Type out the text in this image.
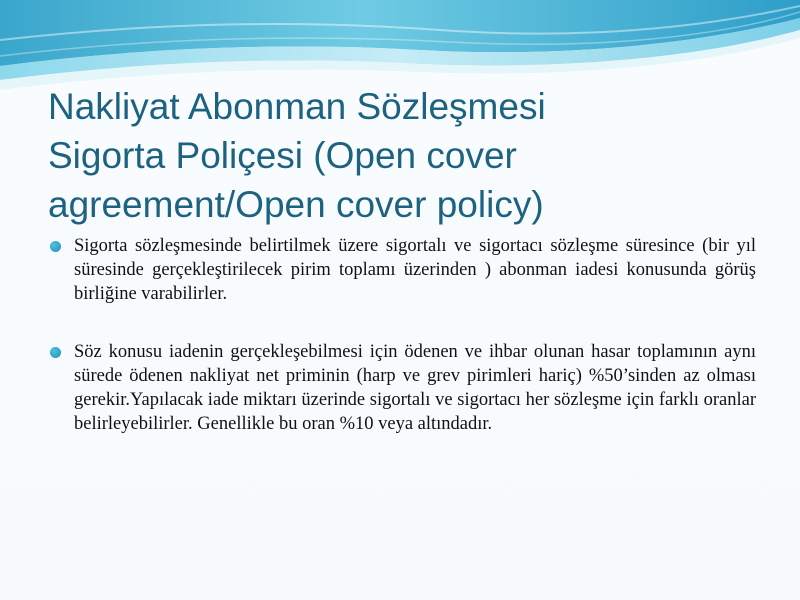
Nakliyat Abonman Sözleşmesi
Sigorta Poliçesi (Open cover
agreement/Open cover policy)
Sigorta sözleşmesinde belirtilmek üzere sigortalı ve sigortacı sözleşme süresince (bir yıl süresinde gerçekleştirilecek pirim toplamı üzerinden ) abonman iadesi konusunda görüş birliğine varabilirler.
Söz konusu iadenin gerçekleşebilmesi için ödenen ve ihbar olunan hasar toplamının aynı sürede ödenen nakliyat net priminin (harp ve grev pirimleri hariç) %50’sinden az olması gerekir.Yapılacak iade miktarı üzerinde sigortalı ve sigortacı her sözleşme için farklı oranlar belirleyebilirler. Genellikle bu oran %10 veya altındadır.
